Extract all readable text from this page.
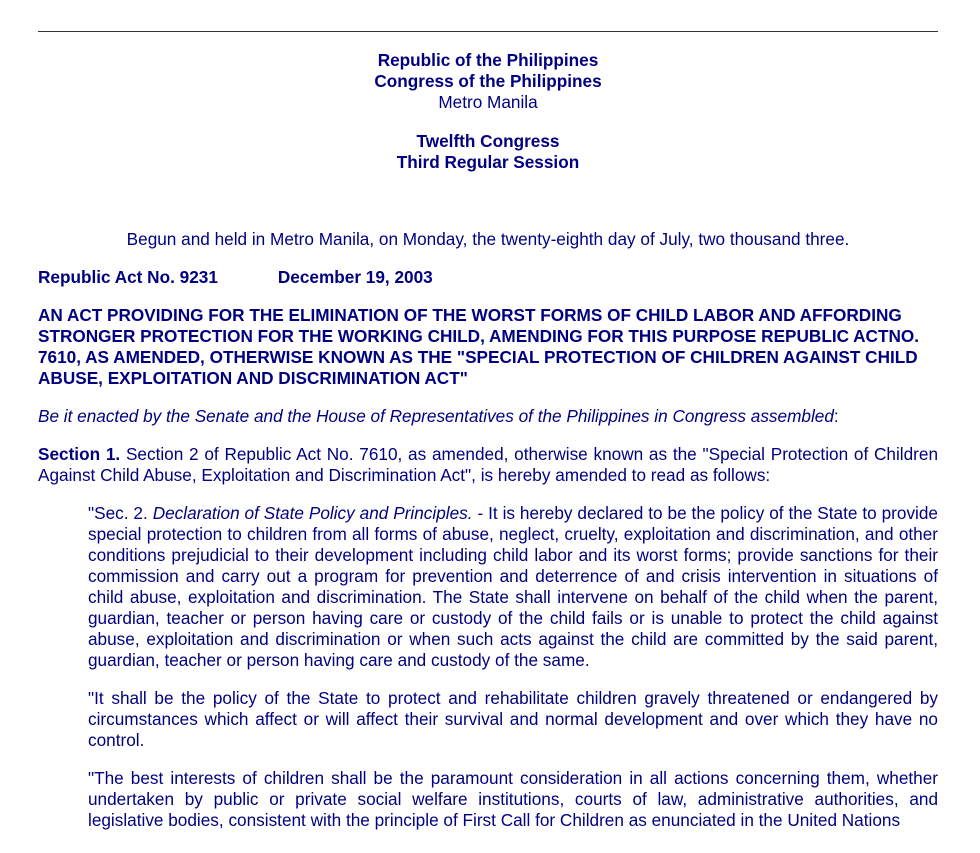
Republic of the Philippines
Congress of the Philippines
Metro Manila
Twelfth Congress
Third Regular Session

Begun and held in Metro Manila, on Monday, the twenty-eighth day of July, two thousand three.

Republic Act No. 9231	December 19, 2003

AN ACT PROVIDING FOR THE ELIMINATION OF THE WORST FORMS OF CHILD LABOR AND AFFORDING STRONGER PROTECTION FOR THE WORKING CHILD, AMENDING FOR THIS PURPOSE REPUBLIC ACTNO. 7610, AS AMENDED, OTHERWISE KNOWN AS THE "SPECIAL PROTECTION OF CHILDREN AGAINST CHILD ABUSE, EXPLOITATION AND DISCRIMINATION ACT"

Be it enacted by the Senate and the House of Representatives of the Philippines in Congress assembled:

Section 1. Section 2 of Republic Act No. 7610, as amended, otherwise known as the "Special Protection of Children Against Child Abuse, Exploitation and Discrimination Act", is hereby amended to read as follows:

"Sec. 2. Declaration of State Policy and Principles. - It is hereby declared to be the policy of the State to provide special protection to children from all forms of abuse, neglect, cruelty, exploitation and discrimination, and other conditions prejudicial to their development including child labor and its worst forms; provide sanctions for their commission and carry out a program for prevention and deterrence of and crisis intervention in situations of child abuse, exploitation and discrimination. The State shall intervene on behalf of the child when the parent, guardian, teacher or person having care or custody of the child fails or is unable to protect the child against abuse, exploitation and discrimination or when such acts against the child are committed by the said parent, guardian, teacher or person having care and custody of the same.

"It shall be the policy of the State to protect and rehabilitate children gravely threatened or endangered by circumstances which affect or will affect their survival and normal development and over which they have no control.

"The best interests of children shall be the paramount consideration in all actions concerning them, whether undertaken by public or private social welfare institutions, courts of law, administrative authorities, and legislative bodies, consistent with the principle of First Call for Children as enunciated in the United Nations
